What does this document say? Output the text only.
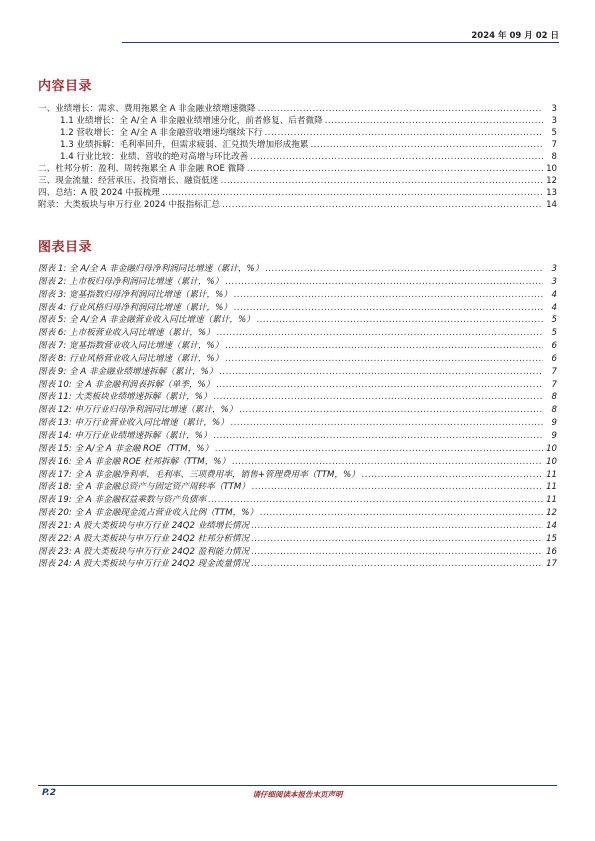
2024 年 09 月 02 日
内容目录
一、业绩增长：需求、费用拖累全 A 非金融业绩增速微降 .....	3
1.1 业绩增长：全 A/全 A 非金融业绩增速分化，前者修复、后者微降 .....	3
1.2 营收增长：全 A/全 A 非金融营收增速均继续下行 .....	5
1.3 业绩拆解：毛利率回升，但需求疲弱、汇兑损失增加形成拖累 .....	7
1.4 行业比较：业绩、营收的绝对高增与环比改善 .....	8
二、杜邦分析：盈利、周转拖累全 A 非金融 ROE 微降 .....	10
三、现金流量：经营承压、投资增长、融资低迷 .....	12
四、总结：A 股 2024 中报梳理 .....	13
附录：大类板块与申万行业 2024 中报指标汇总 .....	14
图表目录
图表 1: 全 A/全 A 非金融归母净利润同比增速（累计，%） .....	3
图表 2: 上市板归母净利润同比增速（累计，%） .....	3
图表 3: 宽基指数归母净利润同比增速（累计，%） .....	4
图表 4: 行业风格归母净利润同比增速（累计，%） .....	4
图表 5: 全 A/全 A 非金融营业收入同比增速（累计，%） .....	5
图表 6: 上市板营业收入同比增速（累计，%） .....	5
图表 7: 宽基指数营业收入同比增速（累计，%） .....	6
图表 8: 行业风格营业收入同比增速（累计，%） .....	6
图表 9: 全 A 非金融业绩增速拆解（累计，%） .....	7
图表 10: 全 A 非金融利润表拆解（单季，%） .....	7
图表 11: 大类板块业绩增速拆解（累计，%） .....	8
图表 12: 申万行业归母净利润同比增速（累计，%） .....	8
图表 13: 申万行业营业收入同比增速（累计，%） .....	9
图表 14: 申万行业业绩增速拆解（累计，%） .....	9
图表 15: 全 A/全 A 非金融 ROE（TTM，%） .....	10
图表 16: 全 A 非金融 ROE 杜邦拆解（TTM，%） .....	10
图表 17: 全 A 非金融净利率、毛利率、三项费用率，销售+管理费用率（TTM，%） .....	11
图表 18: 全 A 非金融总资产与固定资产周转率（TTM） .....	11
图表 19: 全 A 非金融权益乘数与资产负债率 .....	11
图表 20: 全 A 非金融现金流占营业收入比例（TTM，%） .....	12
图表 21: A 股大类板块与申万行业 24Q2 业绩增长情况 .....	14
图表 22: A 股大类板块与申万行业 24Q2 杜邦分析情况 .....	15
图表 23: A 股大类板块与申万行业 24Q2 盈利能力情况 .....	16
图表 24: A 股大类板块与申万行业 24Q2 现金流量情况 .....	17
P.2	请仔细阅读本报告末页声明
